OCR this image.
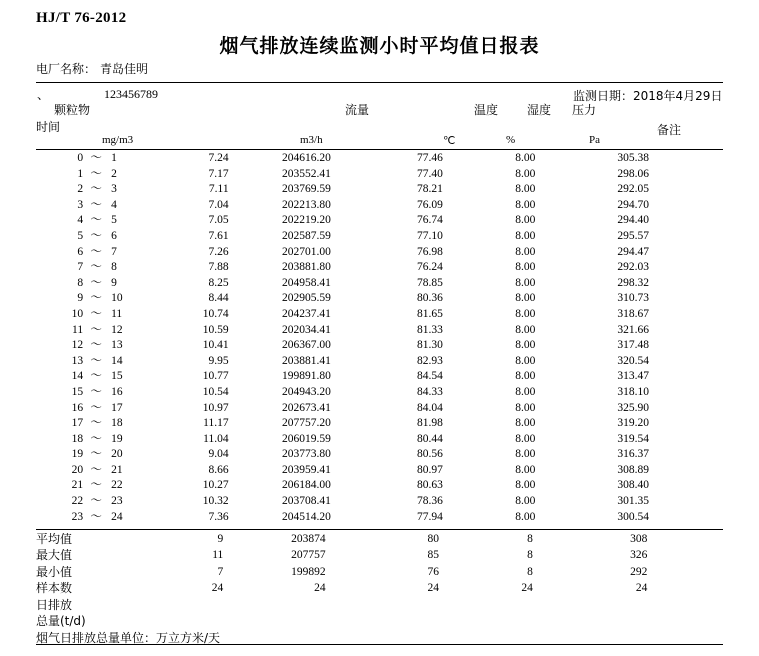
HJ/T 76-2012
烟气排放连续监测小时平均值日报表
电厂名称： 青岛佳明
、	123456789	监测日期：2018年4月29日
颗粒物	流量	温度 湿度 压力
时间	备注
mg/m3	m3/h	℃	%	Pa
0	～	1	7.24	204616.20	77.46	8.00	305.38	
1	～	2	7.17	203552.41	77.40	8.00	298.06	
2	～	3	7.11	203769.59	78.21	8.00	292.05	
3	～	4	7.04	202213.80	76.09	8.00	294.70	
4	～	5	7.05	202219.20	76.74	8.00	294.40	
5	～	6	7.61	202587.59	77.10	8.00	295.57	
6	～	7	7.26	202701.00	76.98	8.00	294.47	
7	～	8	7.88	203881.80	76.24	8.00	292.03	
8	～	9	8.25	204958.41	78.85	8.00	298.32	
9	～	10	8.44	202905.59	80.36	8.00	310.73	
10	～	11	10.74	204237.41	81.65	8.00	318.67	
11	～	12	10.59	202034.41	81.33	8.00	321.66	
12	～	13	10.41	206367.00	81.30	8.00	317.48	
13	～	14	9.95	203881.41	82.93	8.00	320.54	
14	～	15	10.77	199891.80	84.54	8.00	313.47	
15	～	16	10.54	204943.20	84.33	8.00	318.10	
16	～	17	10.97	202673.41	84.04	8.00	325.90	
17	～	18	11.17	207757.20	81.98	8.00	319.20	
18	～	19	11.04	206019.59	80.44	8.00	319.54	
19	～	20	9.04	203773.80	80.56	8.00	316.37	
20	～	21	8.66	203959.41	80.97	8.00	308.89	
21	～	22	10.27	206184.00	80.63	8.00	308.40	
22	～	23	10.32	203708.41	78.36	8.00	301.35	
23	～	24	7.36	204514.20	77.94	8.00	300.54	
平均值	9	203874	80	8	308	
最大值	11	207757	85	8	326	
最小值	7	199892	76	8	292	
样本数	24	24	24	24	24	
日排放
总量(t/d)
烟气日排放总量单位：万立方米/天
